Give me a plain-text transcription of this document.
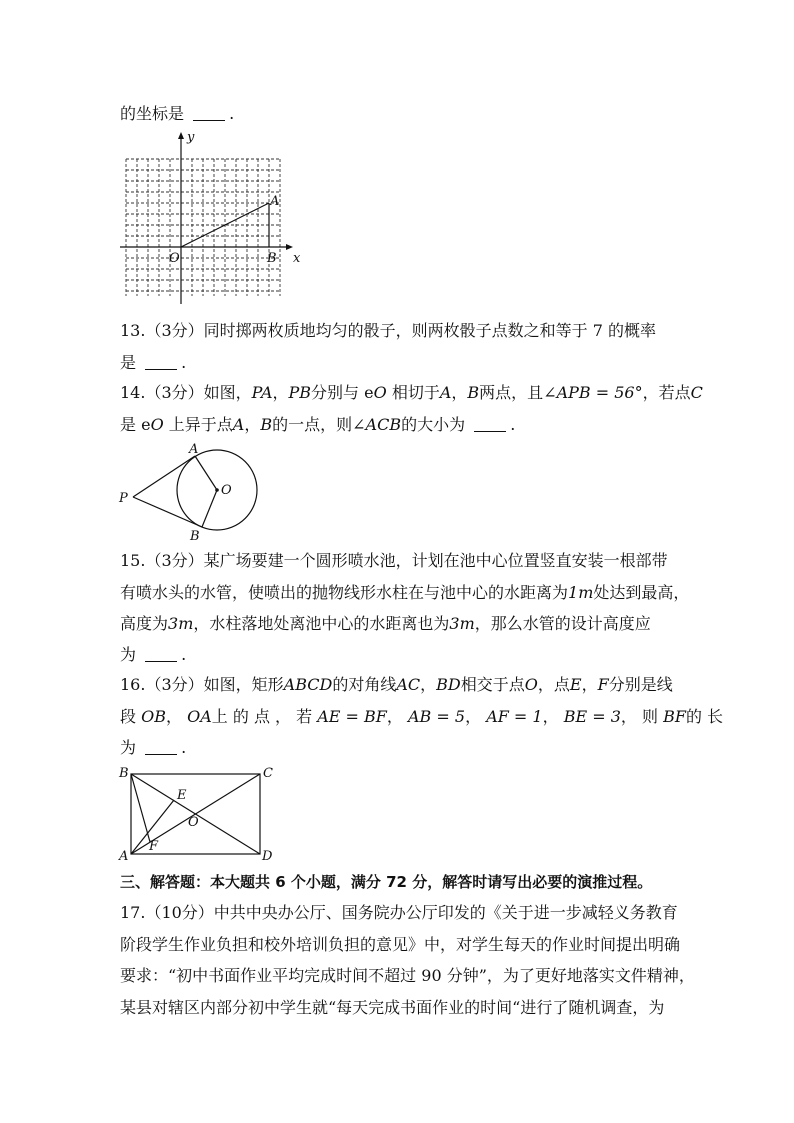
的坐标是	.
y
x
O
A
B
13.（3分）同时掷两枚质地均匀的骰子，则两枚骰子点数之和等于 7 的概率
是	.
14.（3分）如图，PA，PB分别与 eO 相切于A，B两点，且∠APB = 56°，若点C
是 eO 上异于点A，B的一点，则∠ACB的大小为	.
A
B
P
O
15.（3分）某广场要建一个圆形喷水池，计划在池中心位置竖直安装一根部带
有喷水头的水管，使喷出的抛物线形水柱在与池中心的水距离为1m处达到最高，
高度为3m，水柱落地处离池中心的水距离也为3m，那么水管的设计高度应
为	.
16.（3分）如图，矩形ABCD的对角线AC，BD相交于点O，点E，F分别是线
段 OB， OA上 的 点 ， 若 AE = BF， AB = 5， AF = 1， BE = 3， 则 BF的 长
为	.
B	C
A	D
E
O
F
三、解答题：本大题共 6 个小题，满分 72 分，解答时请写出必要的演推过程。
17.（10分）中共中央办公厅、国务院办公厅印发的《关于进一步减轻义务教育
阶段学生作业负担和校外培训负担的意见》中，对学生每天的作业时间提出明确
要求：“初中书面作业平均完成时间不超过 90 分钟”，为了更好地落实文件精神，
某县对辖区内部分初中学生就“每天完成书面作业的时间“进行了随机调查，为
